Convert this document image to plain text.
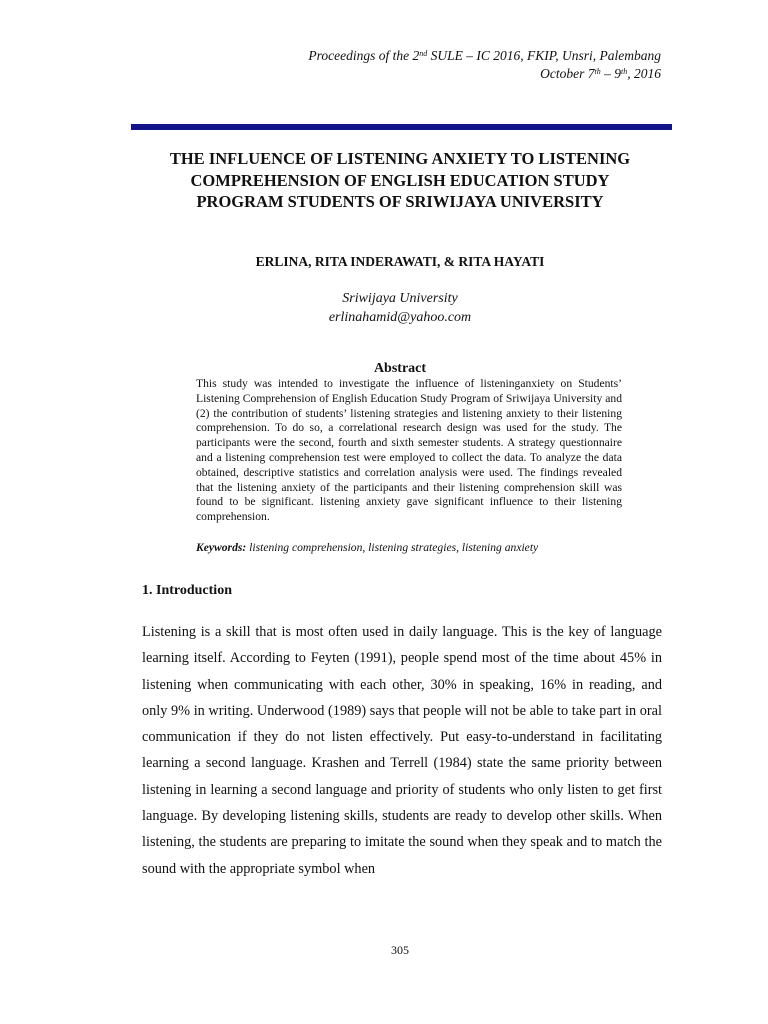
Proceedings of the 2nd SULE – IC 2016, FKIP, Unsri, Palembang
October 7th – 9th, 2016
THE INFLUENCE OF LISTENING ANXIETY TO LISTENING
COMPREHENSION OF ENGLISH EDUCATION STUDY
PROGRAM STUDENTS OF SRIWIJAYA UNIVERSITY
ERLINA, RITA INDERAWATI, & RITA HAYATI
Sriwijaya University
erlinahamid@yahoo.com
Abstract

This study was intended to investigate the influence of listeninganxiety on Students’ Listening Comprehension of English Education Study Program of Sriwijaya University and (2) the contribution of students’ listening strategies and listening anxiety to their listening comprehension. To do so, a correlational research design was used for the study. The participants were the second, fourth and sixth semester students. A strategy questionnaire and a listening comprehension test were employed to collect the data. To analyze the data obtained, descriptive statistics and correlation analysis were used. The findings revealed that the listening anxiety of the participants and their listening comprehension skill was found to be significant. listening anxiety gave significant influence to their listening comprehension.

Keywords: listening comprehension, listening strategies, listening anxiety
1. Introduction

Listening is a skill that is most often used in daily language. This is the key of language learning itself. According to Feyten (1991), people spend most of the time about 45% in listening when communicating with each other, 30% in speaking, 16% in reading, and only 9% in writing. Underwood (1989) says that people will not be able to take part in oral communication if they do not listen effectively. Put easy-to-understand in facilitating learning a second language. Krashen and Terrell (1984) state the same priority between listening in learning a second language and priority of students who only listen to get first language. By developing listening skills, students are ready to develop other skills. When listening, the students are preparing to imitate the sound when they speak and to match the sound with the appropriate symbol when

305
